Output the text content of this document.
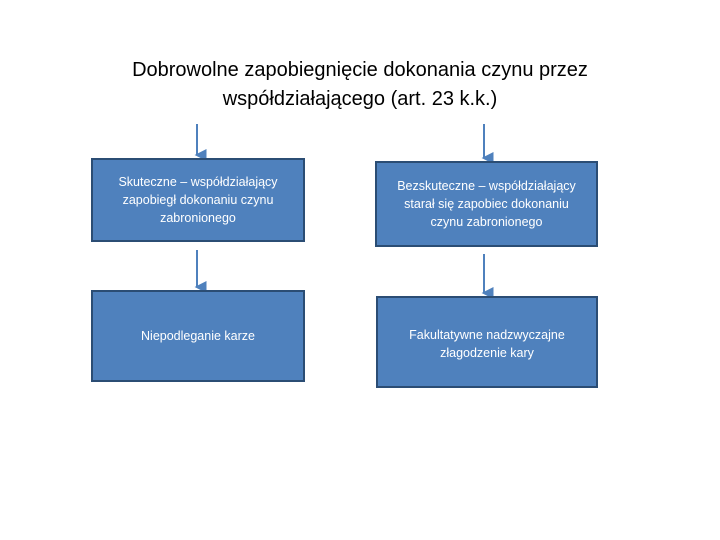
Dobrowolne zapobiegnięcie dokonania czynu przez
współdziałającego (art. 23 k.k.)
Skuteczne – współdziałający zapobiegł dokonaniu czynu zabronionego
Bezskuteczne – współdziałający starał się zapobiec dokonaniu czynu zabronionego
Niepodleganie karze	Fakultatywne nadzwyczajne złagodzenie kary
